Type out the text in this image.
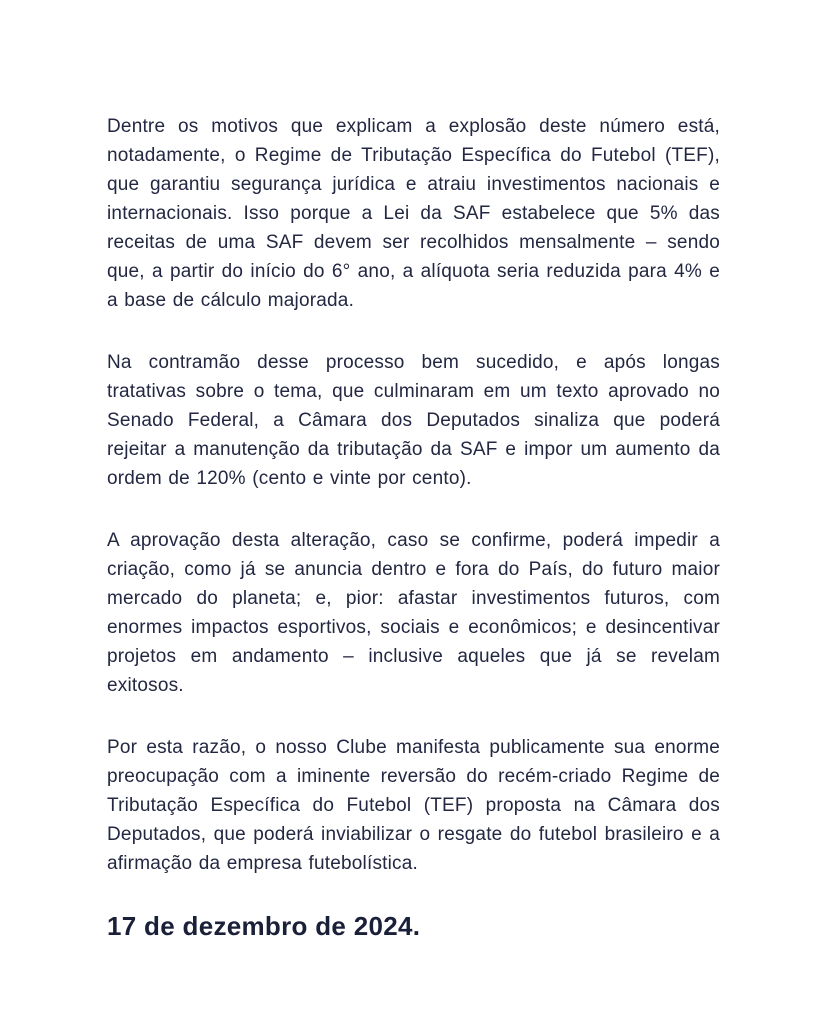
Dentre os motivos que explicam a explosão deste número está, notadamente, o Regime de Tributação Específica do Futebol (TEF), que garantiu segurança jurídica e atraiu investimentos nacionais e internacionais. Isso porque a Lei da SAF estabelece que 5% das receitas de uma SAF devem ser recolhidos mensalmente – sendo que, a partir do início do 6° ano, a alíquota seria reduzida para 4% e a base de cálculo majorada.

Na contramão desse processo bem sucedido, e após longas tratativas sobre o tema, que culminaram em um texto aprovado no Senado Federal, a Câmara dos Deputados sinaliza que poderá rejeitar a manutenção da tributação da SAF e impor um aumento da ordem de 120% (cento e vinte por cento).

A aprovação desta alteração, caso se confirme, poderá impedir a criação, como já se anuncia dentro e fora do País, do futuro maior mercado do planeta; e, pior: afastar investimentos futuros, com enormes impactos esportivos, sociais e econômicos; e desincentivar projetos em andamento – inclusive aqueles que já se revelam exitosos.

Por esta razão, o nosso Clube manifesta publicamente sua enorme preocupação com a iminente reversão do recém-criado Regime de Tributação Específica do Futebol (TEF) proposta na Câmara dos Deputados, que poderá inviabilizar o resgate do futebol brasileiro e a afirmação da empresa futebolística.

17 de dezembro de 2024.
